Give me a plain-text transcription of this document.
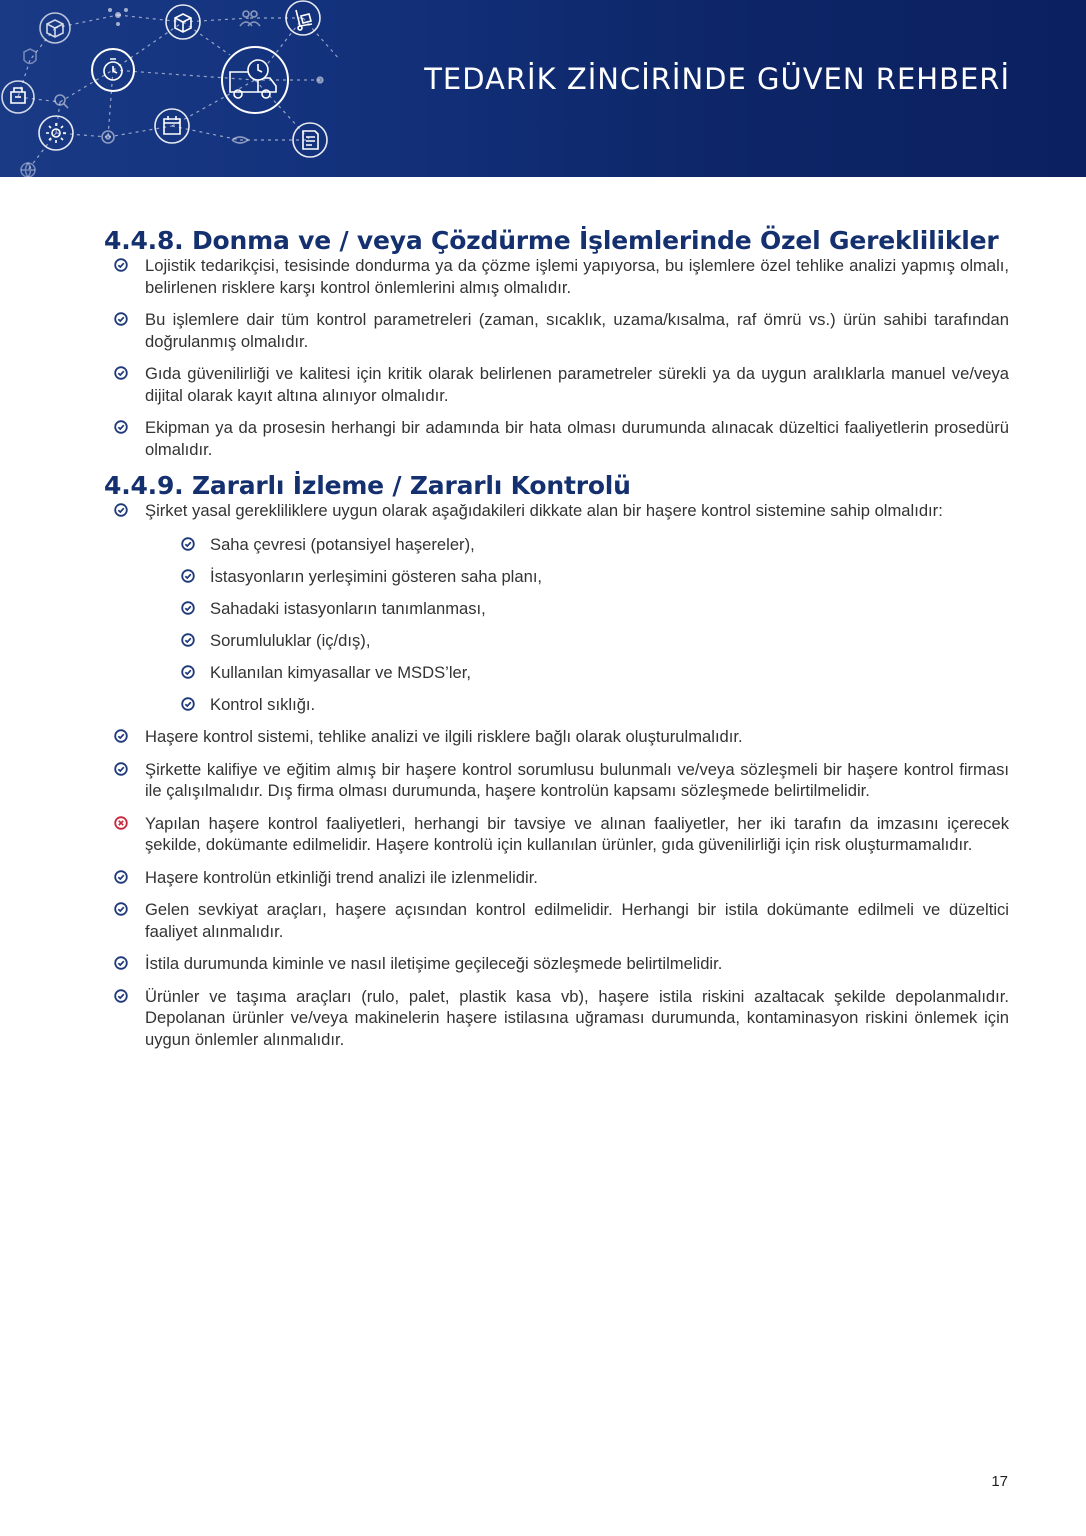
TEDARİK ZİNCİRİNDE GÜVEN REHBERİ
4.4.8. Donma ve / veya Çözdürme İşlemlerinde Özel Gereklilikler
Lojistik tedarikçisi, tesisinde dondurma ya da çözme işlemi yapıyorsa, bu işlemlere özel tehlike analizi yapmış olmalı, belirlenen risklere karşı kontrol önlemlerini almış olmalıdır.
Bu işlemlere dair tüm kontrol parametreleri (zaman, sıcaklık, uzama/kısalma, raf ömrü vs.) ürün sahibi tarafından doğrulanmış olmalıdır.
Gıda güvenilirliği ve kalitesi için kritik olarak belirlenen parametreler sürekli ya da uygun aralıklarla manuel ve/veya dijital olarak kayıt altına alınıyor olmalıdır.
Ekipman ya da prosesin herhangi bir adamında bir hata olması durumunda alınacak düzeltici faaliyetlerin prosedürü olmalıdır.
4.4.9. Zararlı İzleme / Zararlı Kontrolü
Şirket yasal gerekliliklere uygun olarak aşağıdakileri dikkate alan bir haşere kontrol sistemine sahip olmalıdır:
Saha çevresi (potansiyel haşereler),
İstasyonların yerleşimini gösteren saha planı,
Sahadaki istasyonların tanımlanması,
Sorumluluklar (iç/dış),
Kullanılan kimyasallar ve MSDS’ler,
Kontrol sıklığı.
Haşere kontrol sistemi, tehlike analizi ve ilgili risklere bağlı olarak oluşturulmalıdır.
Şirkette kalifiye ve eğitim almış bir haşere kontrol sorumlusu bulunmalı ve/veya sözleşmeli bir haşere kontrol firması ile çalışılmalıdır. Dış firma olması durumunda, haşere kontrolün kapsamı sözleşmede belirtilmelidir.
Yapılan haşere kontrol faaliyetleri, herhangi bir tavsiye ve alınan faaliyetler, her iki tarafın da imzasını içerecek şekilde, dokümante edilmelidir. Haşere kontrolü için kullanılan ürünler, gıda güvenilirliği için risk oluşturmamalıdır.
Haşere kontrolün etkinliği trend analizi ile izlenmelidir.
Gelen sevkiyat araçları, haşere açısından kontrol edilmelidir. Herhangi bir istila dokümante edilmeli ve düzeltici faaliyet alınmalıdır.
İstila durumunda kiminle ve nasıl iletişime geçileceği sözleşmede belirtilmelidir.
Ürünler ve taşıma araçları (rulo, palet, plastik kasa vb), haşere istila riskini azaltacak şekilde depolanmalıdır. Depolanan ürünler ve/veya makinelerin haşere istilasına uğraması durumunda, kontaminasyon riskini önlemek için uygun önlemler alınmalıdır.
17
